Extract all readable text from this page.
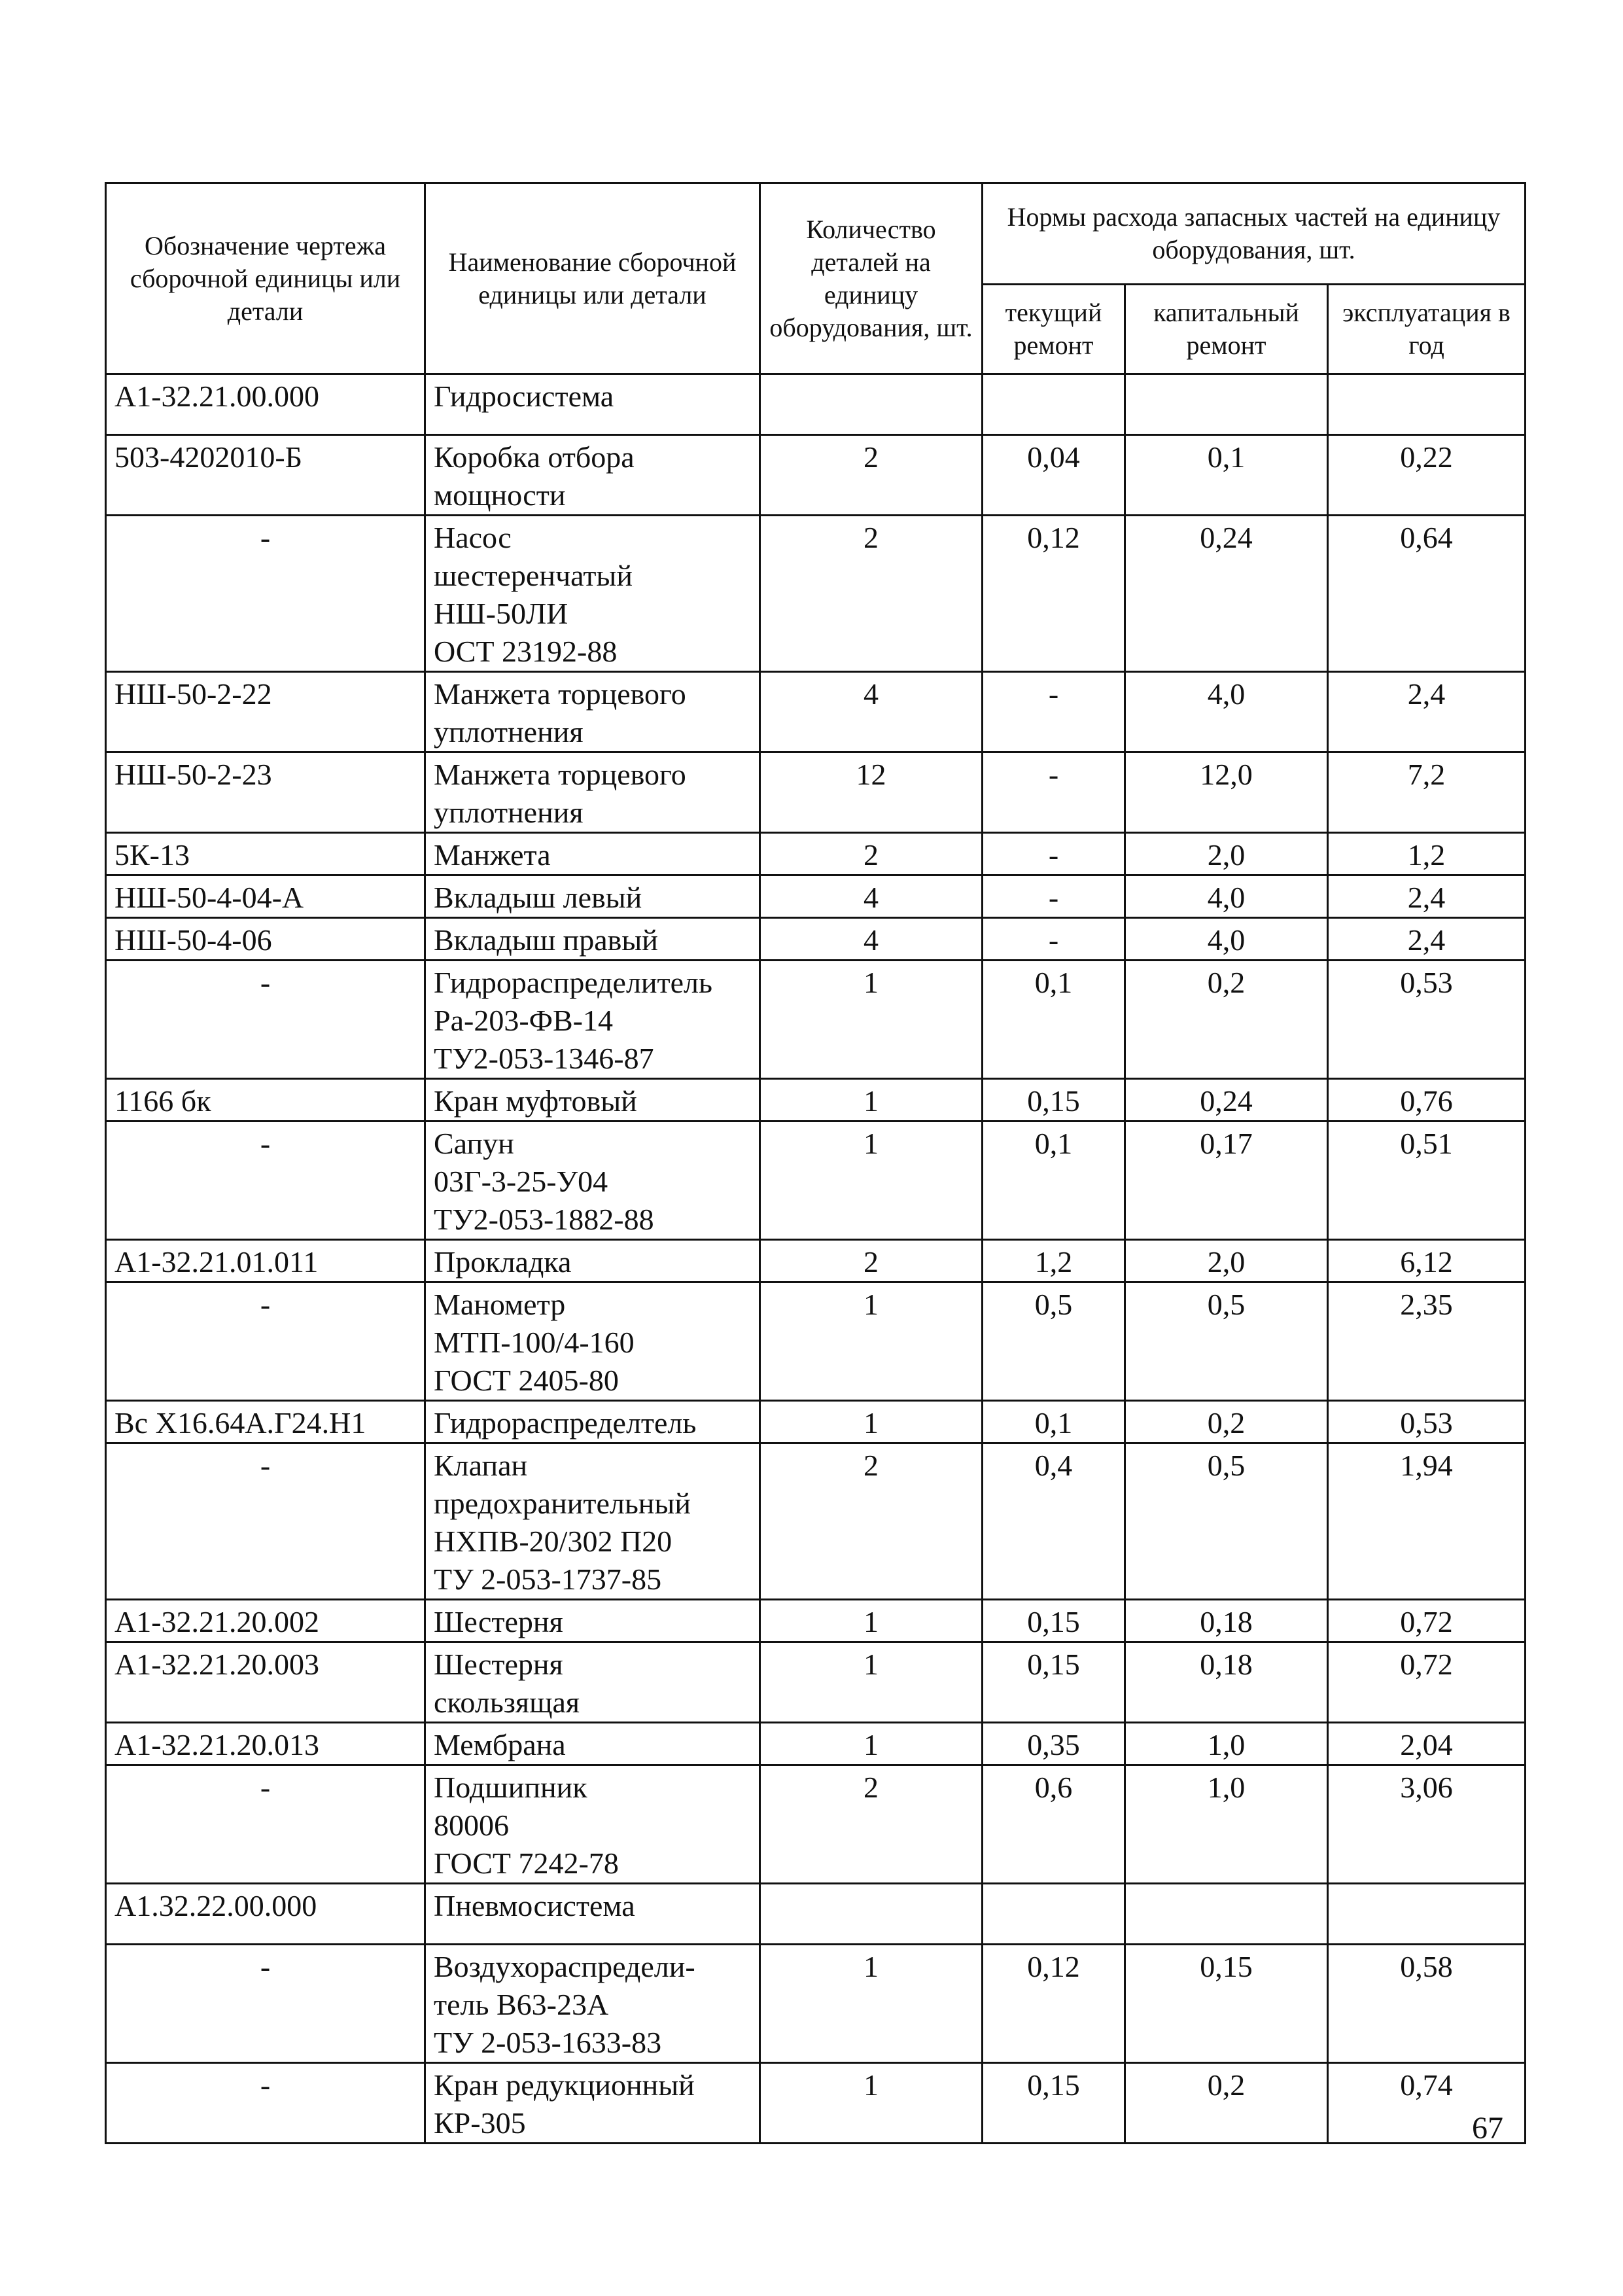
Обозначение чертежа сборочной единицы или детали	Наименование сборочной единицы или детали	Количество деталей на единицу оборудования, шт.	Нормы расхода запасных частей на единицу оборудования, шт.		
			текущий ремонт	капитальный ремонт	эксплуатация в год
А1-32.21.00.000	Гидросистема				

503-4202010-Б	Коробка отбора
мощности	2	0,04	0,1	0,22
-	Насос
шестеренчатый
НШ-50ЛИ
ОСТ 23192-88	2	0,12	0,24	0,64
НШ-50-2-22	Манжета торцевого
уплотнения	4	-	4,0	2,4
НШ-50-2-23	Манжета торцевого
уплотнения	12	-	12,0	7,2
5К-13	Манжета	2	-	2,0	1,2
НШ-50-4-04-А	Вкладыш левый	4	-	4,0	2,4
НШ-50-4-06	Вкладыш правый	4	-	4,0	2,4
-	Гидрораспределитель
Ра-203-ФВ-14
ТУ2-053-1346-87	1	0,1	0,2	0,53
1166 бк	Кран муфтовый	1	0,15	0,24	0,76
-	Сапун
03Г-3-25-У04
ТУ2-053-1882-88	1	0,1	0,17	0,51
А1-32.21.01.011	Прокладка	2	1,2	2,0	6,12
-	Манометр
МТП-100/4-160
ГОСТ 2405-80	1	0,5	0,5	2,35
Вс Х16.64А.Г24.Н1	Гидрораспределтель	1	0,1	0,2	0,53
-	Клапан
предохранительный
НХПВ-20/302 П20
ТУ 2-053-1737-85	2	0,4	0,5	1,94
А1-32.21.20.002	Шестерня	1	0,15	0,18	0,72
А1-32.21.20.003	Шестерня
скользящая	1	0,15	0,18	0,72
А1-32.21.20.013	Мембрана	1	0,35	1,0	2,04
-	Подшипник
80006
ГОСТ 7242-78	2	0,6	1,0	3,06
А1.32.22.00.000	Пневмосистема				

-	Воздухораспредели-
тель В63-23А
ТУ 2-053-1633-83	1	0,12	0,15	0,58
-	Кран редукционный
КР-305	1	0,15	0,2	0,74
67
